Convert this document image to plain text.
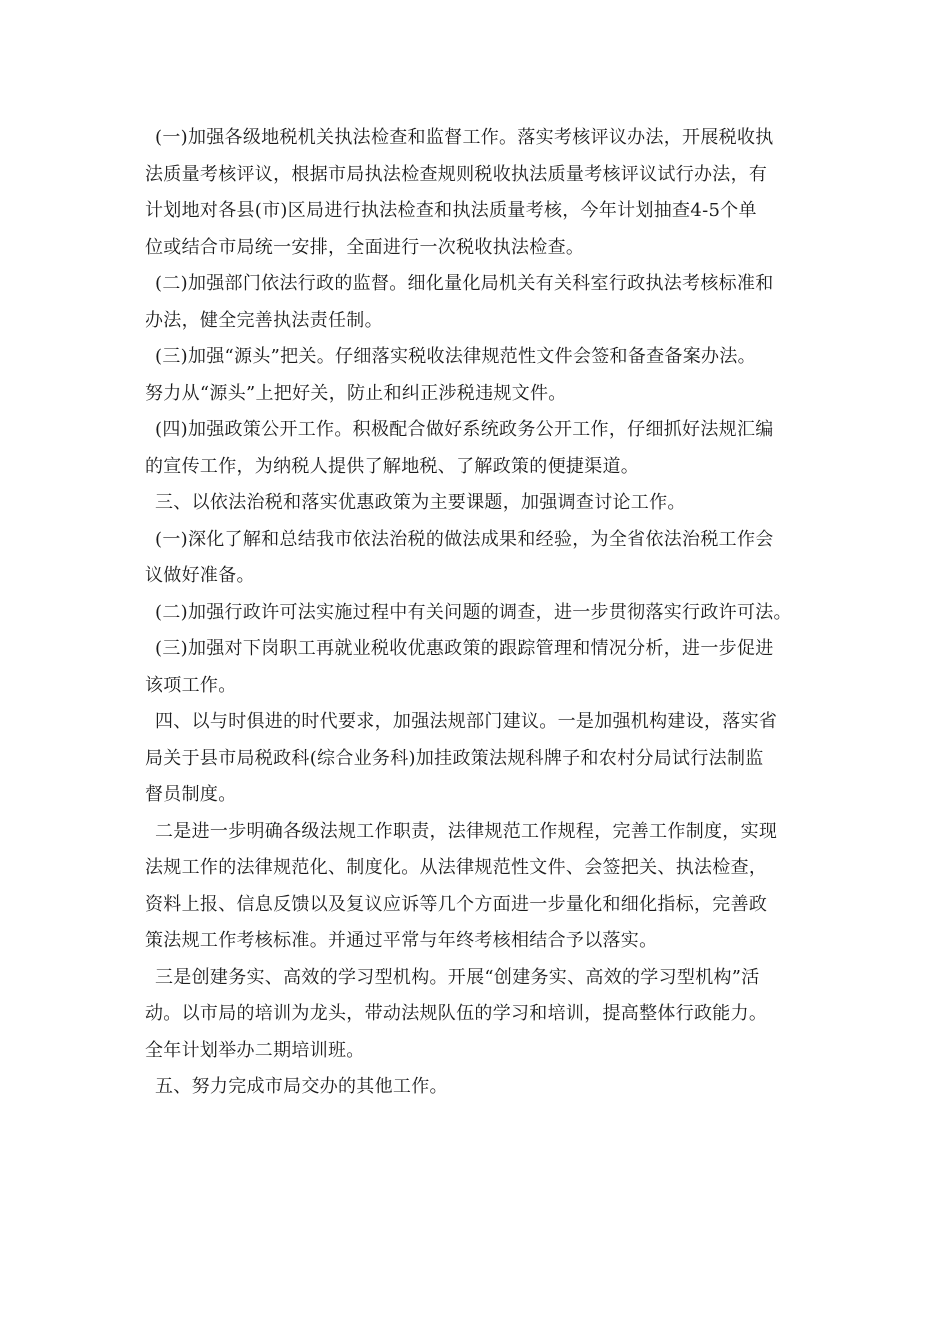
(一)加强各级地税机关执法检查和监督工作。落实考核评议办法，开展税收执
法质量考核评议，根据市局执法检查规则税收执法质量考核评议试行办法，有
计划地对各县(市)区局进行执法检查和执法质量考核，今年计划抽查4-5个单
位或结合市局统一安排，全面进行一次税收执法检查。
(二)加强部门依法行政的监督。细化量化局机关有关科室行政执法考核标准和
办法，健全完善执法责任制。
(三)加强“源头”把关。仔细落实税收法律规范性文件会签和备查备案办法。
努力从“源头”上把好关，防止和纠正涉税违规文件。
(四)加强政策公开工作。积极配合做好系统政务公开工作，仔细抓好法规汇编
的宣传工作，为纳税人提供了解地税、了解政策的便捷渠道。
三、以依法治税和落实优惠政策为主要课题，加强调查讨论工作。
(一)深化了解和总结我市依法治税的做法成果和经验，为全省依法治税工作会
议做好准备。
(二)加强行政许可法实施过程中有关问题的调查，进一步贯彻落实行政许可法。
(三)加强对下岗职工再就业税收优惠政策的跟踪管理和情况分析，进一步促进
该项工作。
四、以与时俱进的时代要求，加强法规部门建议。一是加强机构建设，落实省
局关于县市局税政科(综合业务科)加挂政策法规科牌子和农村分局试行法制监
督员制度。
二是进一步明确各级法规工作职责，法律规范工作规程，完善工作制度，实现
法规工作的法律规范化、制度化。从法律规范性文件、会签把关、执法检查，
资料上报、信息反馈以及复议应诉等几个方面进一步量化和细化指标，完善政
策法规工作考核标准。并通过平常与年终考核相结合予以落实。
三是创建务实、高效的学习型机构。开展“创建务实、高效的学习型机构”活
动。以市局的培训为龙头，带动法规队伍的学习和培训，提高整体行政能力。
全年计划举办二期培训班。
五、努力完成市局交办的其他工作。
